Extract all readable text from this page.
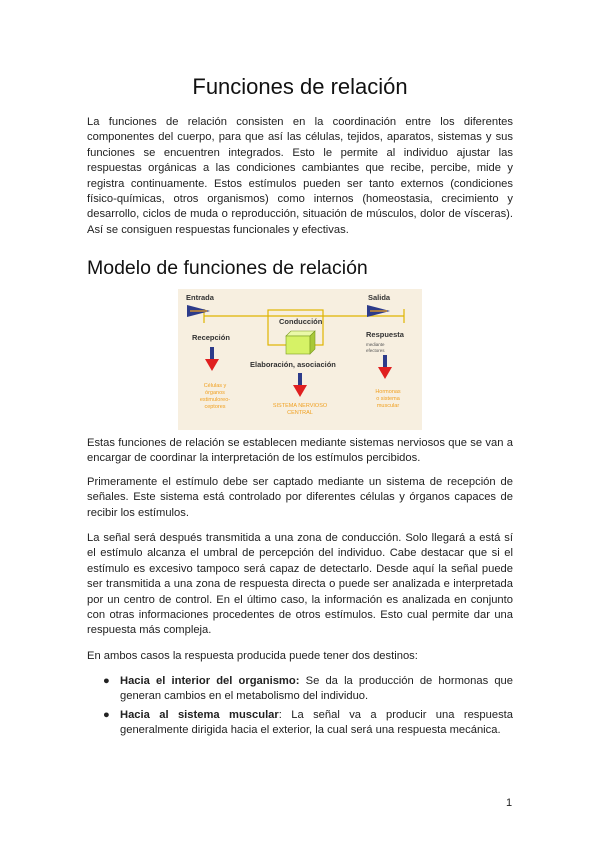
Funciones de relación

La funciones de relación consisten en la coordinación entre los diferentes componentes del cuerpo, para que así las células, tejidos, aparatos, sistemas y sus funciones se encuentren integrados. Esto le permite al individuo ajustar las respuestas orgánicas a las condiciones cambiantes que recibe, percibe, mide y registra continuamente. Estos estímulos pueden ser tanto externos (condiciones físico-químicas, otros organismos) como internos (homeostasia, crecimiento y desarrollo, ciclos de muda o reproducción, situación de músculos, dolor de vísceras). Así se consiguen respuestas funcionales y efectivas.

Modelo de funciones de relación
Entrada	Salida
Conducción
Recepción	Respuesta
mediante
efectores
Elaboración, asociación
Células y
órganos
estimuloreo-
ceptores	SISTEMA NERVIOSO
CENTRAL
Hormonas
o sistema
muscular

Estas funciones de relación se establecen mediante sistemas nerviosos que se van a encargar de coordinar la interpretación de los estímulos percibidos.

Primeramente el estímulo debe ser captado mediante un sistema de recepción de señales. Este sistema está controlado por diferentes células y órganos capaces de recibir los estímulos.

La señal será después transmitida a una zona de conducción. Solo llegará a está sí el estímulo alcanza el umbral de percepción del individuo. Cabe destacar que si el estímulo es excesivo tampoco será capaz de detectarlo. Desde aquí la señal puede ser transmitida a una zona de respuesta directa o puede ser analizada e interpretada por un centro de control. En el último caso, la información es analizada en conjunto con otras informaciones procedentes de otros estímulos. Esto cual permite dar una respuesta más compleja.

En ambos casos la respuesta producida puede tener dos destinos:

● Hacia el interior del organismo: Se da la producción de hormonas que generan cambios en el metabolismo del individuo.
● Hacia al sistema muscular: La señal va a producir una respuesta generalmente dirigida hacia el exterior, la cual será una respuesta mecánica.
1
